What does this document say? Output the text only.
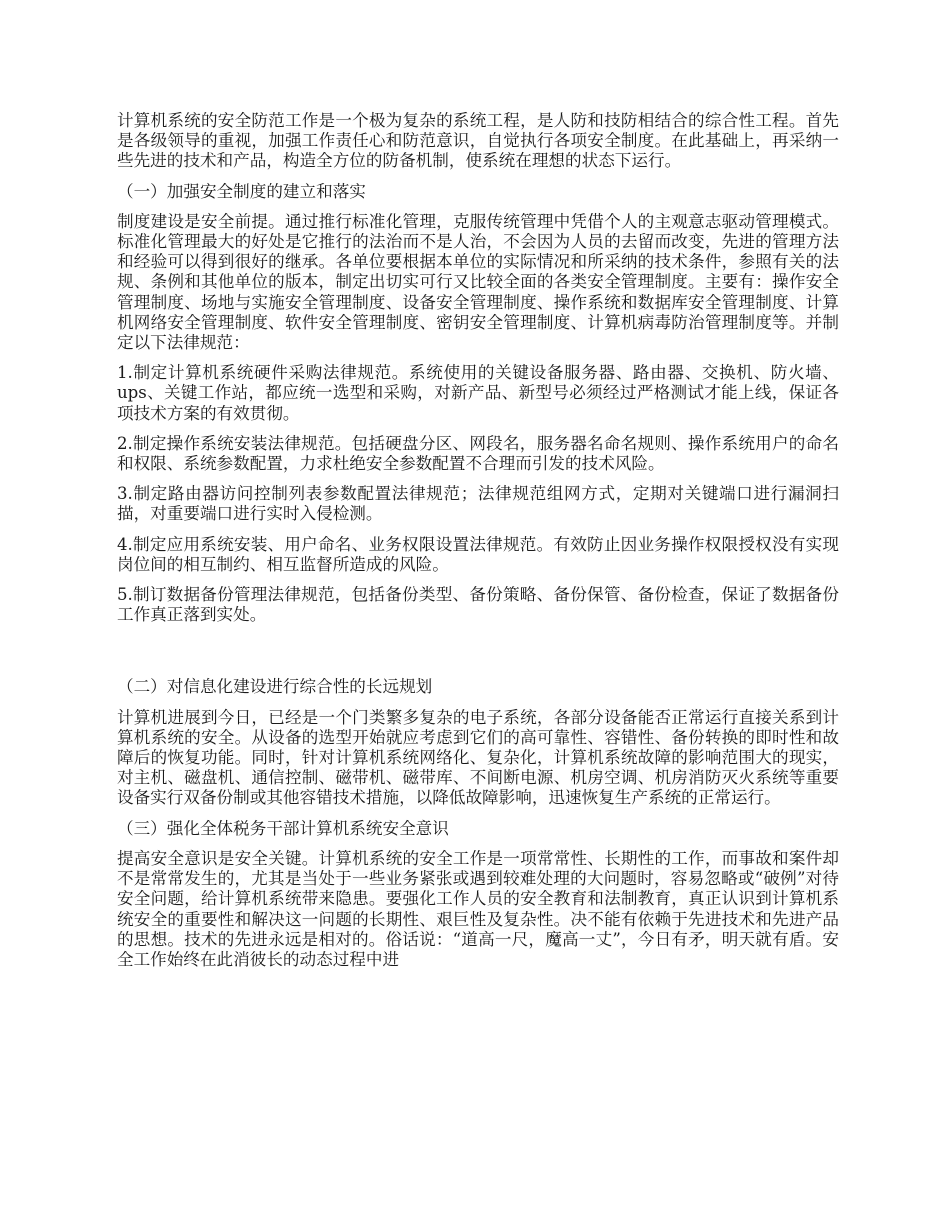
计算机系统的安全防范工作是一个极为复杂的系统工程，是人防和技防相结合的综合性工程。首先是各级领导的重视，加强工作责任心和防范意识，自觉执行各项安全制度。在此基础上，再采纳一些先进的技术和产品，构造全方位的防备机制，使系统在理想的状态下运行。

（一）加强安全制度的建立和落实

制度建设是安全前提。通过推行标准化管理，克服传统管理中凭借个人的主观意志驱动管理模式。标准化管理最大的好处是它推行的法治而不是人治，不会因为人员的去留而改变，先进的管理方法和经验可以得到很好的继承。各单位要根据本单位的实际情况和所采纳的技术条件，参照有关的法规、条例和其他单位的版本，制定出切实可行又比较全面的各类安全管理制度。主要有：操作安全管理制度、场地与实施安全管理制度、设备安全管理制度、操作系统和数据库安全管理制度、计算机网络安全管理制度、软件安全管理制度、密钥安全管理制度、计算机病毒防治管理制度等。并制定以下法律规范：

1.制定计算机系统硬件采购法律规范。系统使用的关键设备服务器、路由器、交换机、防火墙、ups、关键工作站，都应统一选型和采购，对新产品、新型号必须经过严格测试才能上线，保证各项技术方案的有效贯彻。

2.制定操作系统安装法律规范。包括硬盘分区、网段名，服务器名命名规则、操作系统用户的命名和权限、系统参数配置，力求杜绝安全参数配置不合理而引发的技术风险。

3.制定路由器访问控制列表参数配置法律规范；法律规范组网方式，定期对关键端口进行漏洞扫描，对重要端口进行实时入侵检测。

4.制定应用系统安装、用户命名、业务权限设置法律规范。有效防止因业务操作权限授权没有实现岗位间的相互制约、相互监督所造成的风险。

5.制订数据备份管理法律规范，包括备份类型、备份策略、备份保管、备份检查，保证了数据备份工作真正落到实处。

（二）对信息化建设进行综合性的长远规划

计算机进展到今日，已经是一个门类繁多复杂的电子系统，各部分设备能否正常运行直接关系到计算机系统的安全。从设备的选型开始就应考虑到它们的高可靠性、容错性、备份转换的即时性和故障后的恢复功能。同时，针对计算机系统网络化、复杂化，计算机系统故障的影响范围大的现实，对主机、磁盘机、通信控制、磁带机、磁带库、不间断电源、机房空调、机房消防灭火系统等重要设备实行双备份制或其他容错技术措施，以降低故障影响，迅速恢复生产系统的正常运行。

（三）强化全体税务干部计算机系统安全意识

提高安全意识是安全关键。计算机系统的安全工作是一项常常性、长期性的工作，而事故和案件却不是常常发生的，尤其是当处于一些业务紧张或遇到较难处理的大问题时，容易忽略或“破例”对待安全问题，给计算机系统带来隐患。要强化工作人员的安全教育和法制教育，真正认识到计算机系统安全的重要性和解决这一问题的长期性、艰巨性及复杂性。决不能有依赖于先进技术和先进产品的思想。技术的先进永远是相对的。俗话说：“道高一尺，魔高一丈”，今日有矛，明天就有盾。安全工作始终在此消彼长的动态过程中进
